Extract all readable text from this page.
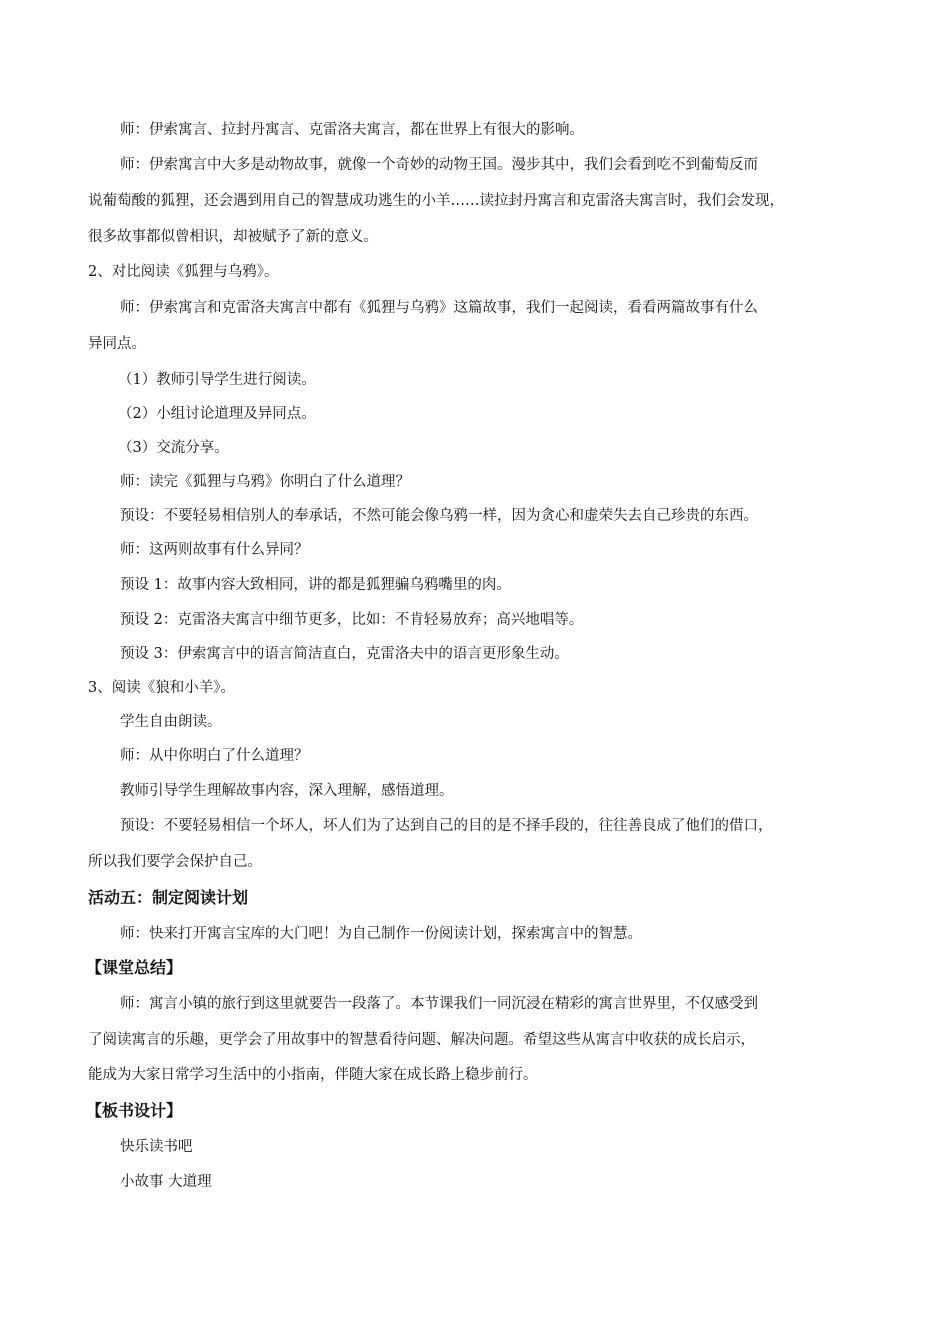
师：伊索寓言、拉封丹寓言、克雷洛夫寓言，都在世界上有很大的影响。
师：伊索寓言中大多是动物故事，就像一个奇妙的动物王国。漫步其中，我们会看到吃不到葡萄反而
说葡萄酸的狐狸，还会遇到用自己的智慧成功逃生的小羊……读拉封丹寓言和克雷洛夫寓言时，我们会发现，
很多故事都似曾相识，却被赋予了新的意义。
2、对比阅读《狐狸与乌鸦》。
师：伊索寓言和克雷洛夫寓言中都有《狐狸与乌鸦》这篇故事，我们一起阅读，看看两篇故事有什么
异同点。
（1）教师引导学生进行阅读。
（2）小组讨论道理及异同点。
（3）交流分享。
师：读完《狐狸与乌鸦》你明白了什么道理？
预设：不要轻易相信别人的奉承话，不然可能会像乌鸦一样，因为贪心和虚荣失去自己珍贵的东西。
师：这两则故事有什么异同？
预设 1：故事内容大致相同，讲的都是狐狸骗乌鸦嘴里的肉。
预设 2：克雷洛夫寓言中细节更多，比如：不肯轻易放弃；高兴地唱等。
预设 3：伊索寓言中的语言简洁直白，克雷洛夫中的语言更形象生动。
3、阅读《狼和小羊》。
学生自由朗读。
师：从中你明白了什么道理？
教师引导学生理解故事内容，深入理解，感悟道理。
预设：不要轻易相信一个坏人，坏人们为了达到自己的目的是不择手段的，往往善良成了他们的借口，
所以我们要学会保护自己。
活动五：制定阅读计划
师：快来打开寓言宝库的大门吧！为自己制作一份阅读计划，探索寓言中的智慧。
【课堂总结】
师：寓言小镇的旅行到这里就要告一段落了。本节课我们一同沉浸在精彩的寓言世界里，不仅感受到
了阅读寓言的乐趣，更学会了用故事中的智慧看待问题、解决问题。希望这些从寓言中收获的成长启示，
能成为大家日常学习生活中的小指南，伴随大家在成长路上稳步前行。
【板书设计】
快乐读书吧
小故事 大道理
